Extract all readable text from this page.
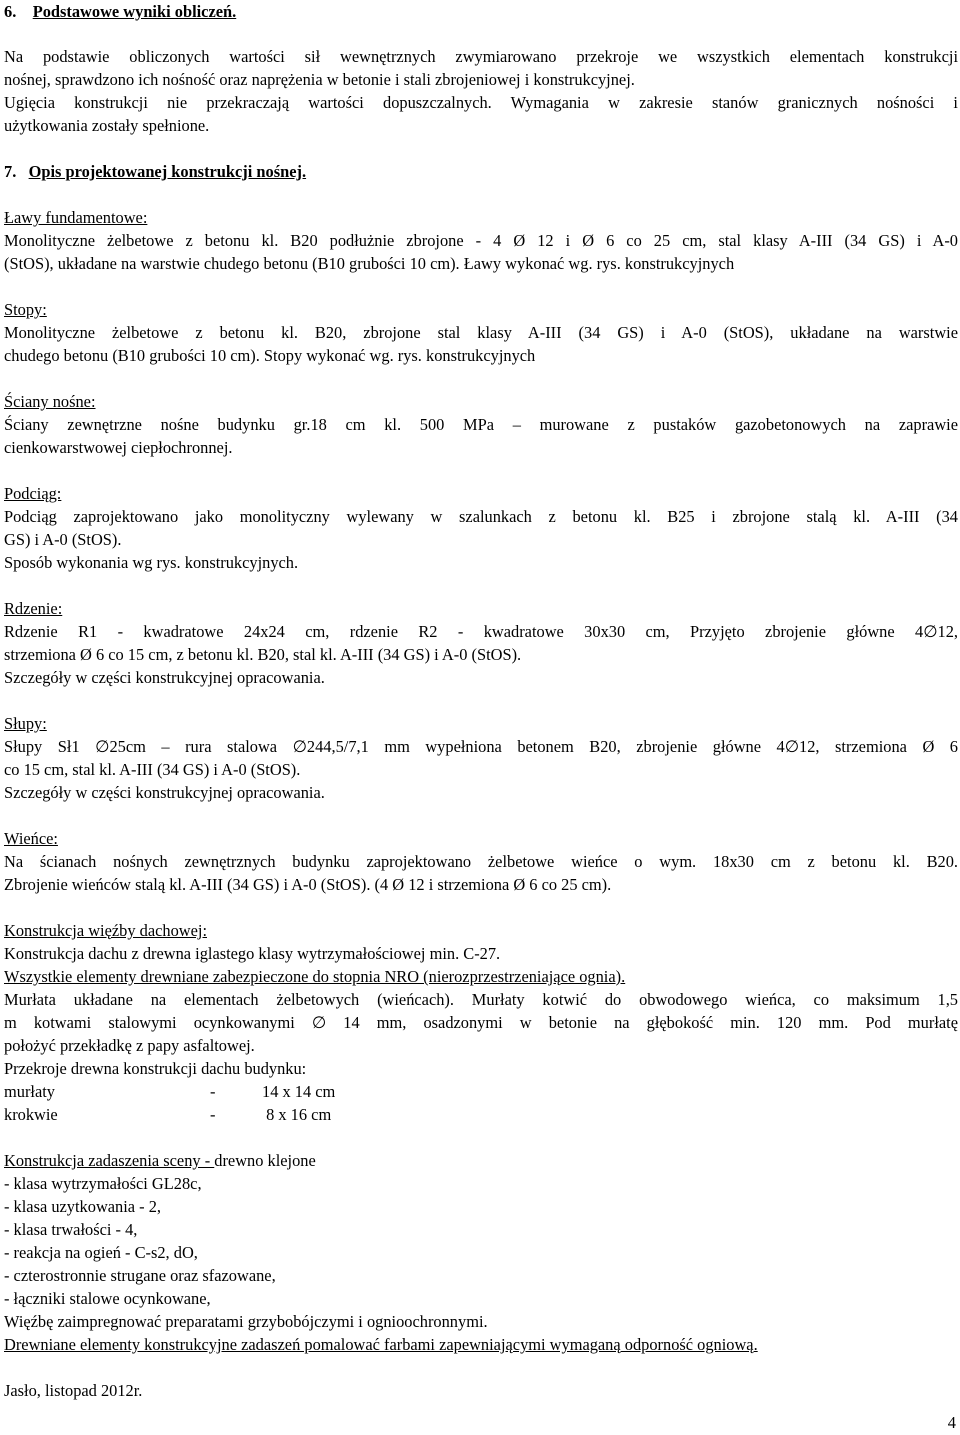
6. Podstawowe wyniki obliczeń.
Na podstawie obliczonych wartości sił wewnętrznych zwymiarowano przekroje we wszystkich elementach konstrukcji
nośnej, sprawdzono ich nośność oraz naprężenia w betonie i stali zbrojeniowej i konstrukcyjnej.
Ugięcia konstrukcji nie przekraczają wartości dopuszczalnych. Wymagania w zakresie stanów granicznych nośności i
użytkowania zostały spełnione.
7. Opis projektowanej konstrukcji nośnej.
Ławy fundamentowe:
Monolityczne żelbetowe z betonu kl. B20 podłużnie zbrojone - 4 Ø 12 i Ø 6 co 25 cm, stal klasy A-III (34 GS) i A-0
(StOS), układane na warstwie chudego betonu (B10 grubości 10 cm). Ławy wykonać wg. rys. konstrukcyjnych
Stopy:
Monolityczne żelbetowe z betonu kl. B20, zbrojone stal klasy A-III (34 GS) i A-0 (StOS), układane na warstwie
chudego betonu (B10 grubości 10 cm). Stopy wykonać wg. rys. konstrukcyjnych
Ściany nośne:
Ściany zewnętrzne nośne budynku gr.18 cm kl. 500 MPa – murowane z pustaków gazobetonowych na zaprawie
cienkowarstwowej ciepłochronnej.
Podciąg:
Podciąg zaprojektowano jako monolityczny wylewany w szalunkach z betonu kl. B25 i zbrojone stalą kl. A-III (34
GS) i A-0 (StOS).
Sposób wykonania wg rys. konstrukcyjnych.
Rdzenie:
Rdzenie R1 - kwadratowe 24x24 cm, rdzenie R2 - kwadratowe 30x30 cm, Przyjęto zbrojenie główne 4∅12,
strzemiona Ø 6 co 15 cm, z betonu kl. B20, stal kl. A-III (34 GS) i A-0 (StOS).
Szczegóły w części konstrukcyjnej opracowania.
Słupy:
Słupy Sł1 ∅25cm – rura stalowa ∅244,5/7,1 mm wypełniona betonem B20, zbrojenie główne 4∅12, strzemiona Ø 6
co 15 cm, stal kl. A-III (34 GS) i A-0 (StOS).
Szczegóły w części konstrukcyjnej opracowania.
Wieńce:
Na ścianach nośnych zewnętrznych budynku zaprojektowano żelbetowe wieńce o wym. 18x30 cm z betonu kl. B20.
Zbrojenie wieńców stalą kl. A-III (34 GS) i A-0 (StOS). (4 Ø 12 i strzemiona Ø 6 co 25 cm).
Konstrukcja więźby dachowej:
Konstrukcja dachu z drewna iglastego klasy wytrzymałościowej min. C-27.
Wszystkie elementy drewniane zabezpieczone do stopnia NRO (nierozprzestrzeniające ognia).
Murłata układane na elementach żelbetowych (wieńcach). Murłaty kotwić do obwodowego wieńca, co maksimum 1,5
m kotwami stalowymi ocynkowanymi ∅ 14 mm, osadzonymi w betonie na głębokość min. 120 mm. Pod murłatę
położyć przekładkę z papy asfaltowej.
Przekroje drewna konstrukcji dachu budynku:
murłaty	-	14 x 14 cm
krokwie	-	8 x 16 cm
Konstrukcja zadaszenia sceny - drewno klejone
- klasa wytrzymałości GL28c,
- klasa uzytkowania - 2,
- klasa trwałości - 4,
- reakcja na ogień - C-s2, dO,
- czterostronnie strugane oraz sfazowane,
- łączniki stalowe ocynkowane,
Więźbę zaimpregnować preparatami grzybobójczymi i ognioochronnymi.
Drewniane elementy konstrukcyjne zadaszeń pomalować farbami zapewniającymi wymaganą odporność ogniową.
Jasło, listopad 2012r.
4
